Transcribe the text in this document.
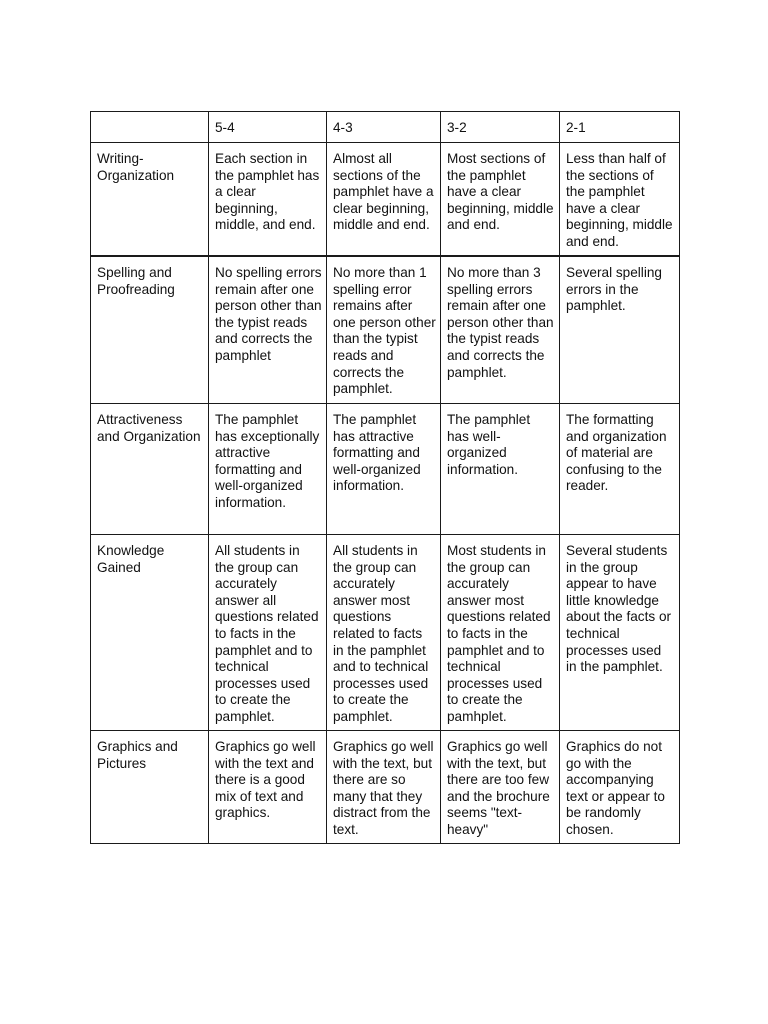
	5-4	4-3	3-2	2-1
Writing-
Organization	Each section in the pamphlet has a clear beginning, middle, and end.	Almost all sections of the pamphlet have a clear beginning, middle and end.	Most sections of the pamphlet have a clear beginning, middle and end.	Less than half of the sections of the pamphlet have a clear beginning, middle and end.
Spelling and Proofreading	No spelling errors remain after one person other than the typist reads and corrects the pamphlet	No more than 1 spelling error remains after one person other than the typist reads and corrects the pamphlet.	No more than 3 spelling errors remain after one person other than the typist reads and corrects the pamphlet.	Several spelling errors in the pamphlet.
Attractiveness and Organization	The pamphlet has exceptionally attractive formatting and well-organized information.	The pamphlet has attractive formatting and well-organized information.	The pamphlet has well-organized information.	The formatting and organization of material are confusing to the reader.
Knowledge Gained	All students in the group can accurately answer all questions related to facts in the pamphlet and to technical processes used to create the pamphlet.	All students in the group can accurately answer most questions related to facts in the pamphlet and to technical processes used to create the pamphlet.	Most students in the group can accurately answer most questions related to facts in the pamphlet and to technical processes used to create the pamhplet.	Several students in the group appear to have little knowledge about the facts or technical processes used in the pamphlet.
Graphics and Pictures	Graphics go well with the text and there is a good mix of text and graphics.	Graphics go well with the text, but there are so many that they distract from the text.	Graphics go well with the text, but there are too few and the brochure seems "text-heavy"	Graphics do not go with the accompanying text or appear to be randomly chosen.
